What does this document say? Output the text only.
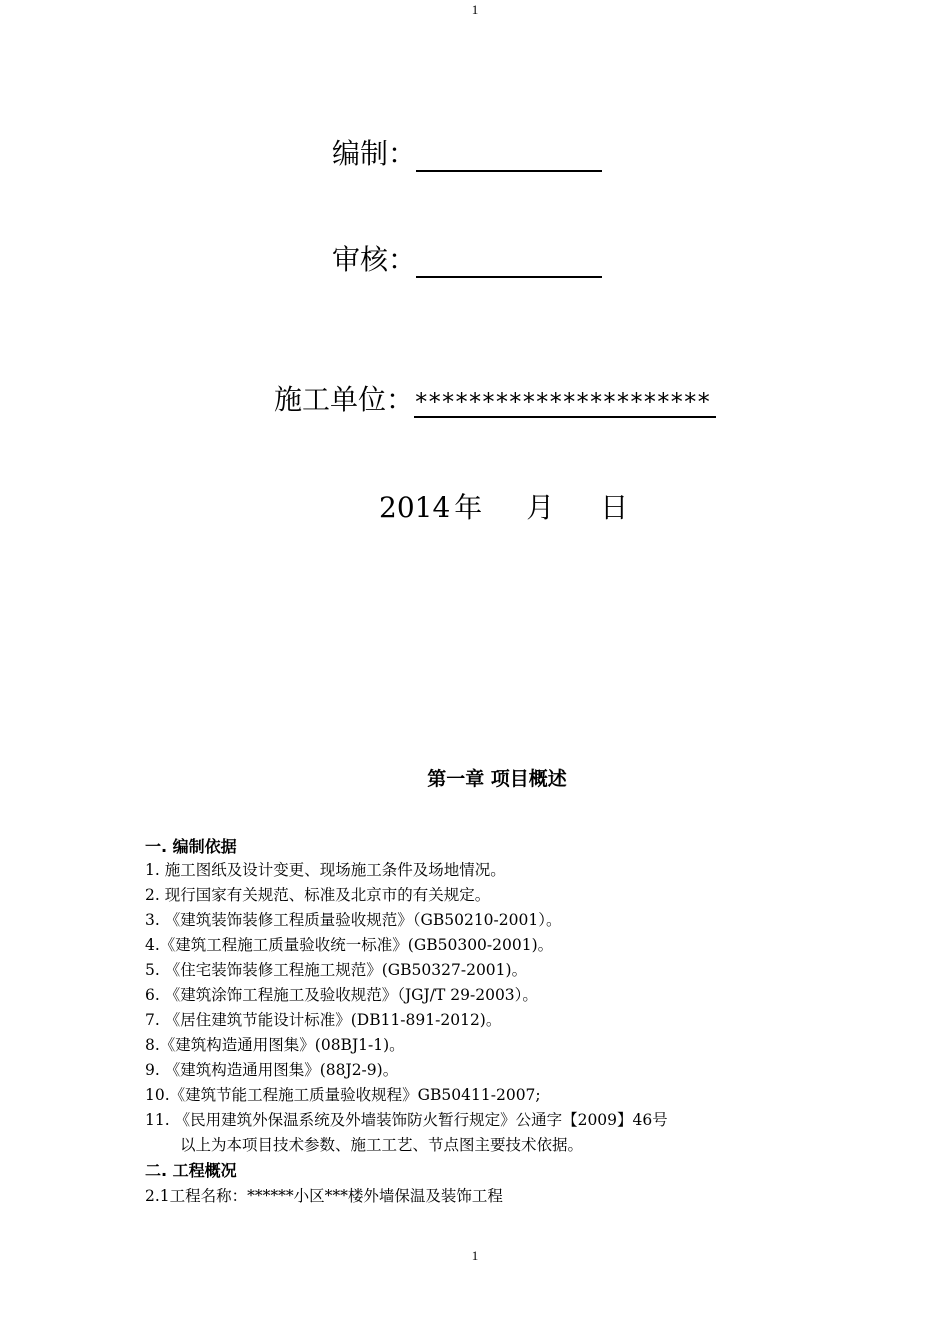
1
编制：
审核：
施工单位：**********************
2014 年 月 日
第一章 项目概述
一. 编制依据
1. 施工图纸及设计变更、现场施工条件及场地情况。
2. 现行国家有关规范、标准及北京市的有关规定。
3. 《建筑装饰装修工程质量验收规范》（GB50210-2001）。
4.《建筑工程施工质量验收统一标准》(GB50300-2001)。
5. 《住宅装饰装修工程施工规范》(GB50327-2001)。
6. 《建筑涂饰工程施工及验收规范》（JGJ/T 29-2003）。
7. 《居住建筑节能设计标准》(DB11-891-2012)。
8.《建筑构造通用图集》(08BJ1-1)。
9. 《建筑构造通用图集》(88J2-9)。
10.《建筑节能工程施工质量验收规程》GB50411-2007;
11. 《民用建筑外保温系统及外墙装饰防火暂行规定》公通字【2009】46号
以上为本项目技术参数、施工工艺、节点图主要技术依据。
二. 工程概况
2.1工程名称：******小区***楼外墙保温及装饰工程
1
